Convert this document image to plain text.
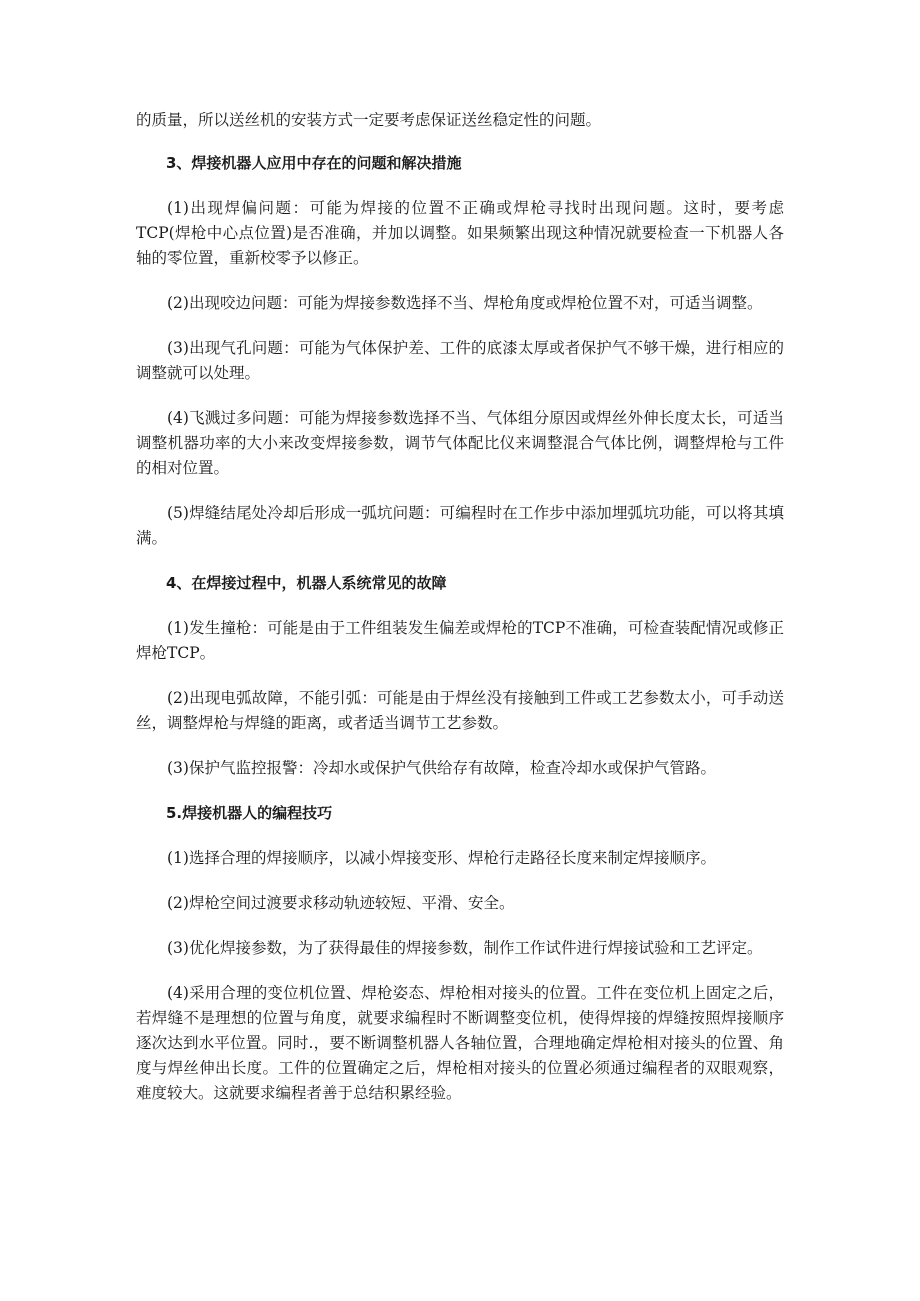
的质量，所以送丝机的安装方式一定要考虑保证送丝稳定性的问题。

3、焊接机器人应用中存在的问题和解决措施

(1)出现焊偏问题：可能为焊接的位置不正确或焊枪寻找时出现问题。这时，要考虑TCP(焊枪中心点位置)是否准确，并加以调整。如果频繁出现这种情况就要检查一下机器人各轴的零位置，重新校零予以修正。

(2)出现咬边问题：可能为焊接参数选择不当、焊枪角度或焊枪位置不对，可适当调整。

(3)出现气孔问题：可能为气体保护差、工件的底漆太厚或者保护气不够干燥，进行相应的调整就可以处理。

(4)飞溅过多问题：可能为焊接参数选择不当、气体组分原因或焊丝外伸长度太长，可适当调整机器功率的大小来改变焊接参数，调节气体配比仪来调整混合气体比例，调整焊枪与工件的相对位置。

(5)焊缝结尾处冷却后形成一弧坑问题：可编程时在工作步中添加埋弧坑功能，可以将其填满。

4、在焊接过程中，机器人系统常见的故障

(1)发生撞枪：可能是由于工件组装发生偏差或焊枪的TCP不准确，可检查装配情况或修正焊枪TCP。

(2)出现电弧故障，不能引弧：可能是由于焊丝没有接触到工件或工艺参数太小，可手动送丝，调整焊枪与焊缝的距离，或者适当调节工艺参数。

(3)保护气监控报警：冷却水或保护气供给存有故障，检查冷却水或保护气管路。

5.焊接机器人的编程技巧

(1)选择合理的焊接顺序，以减小焊接变形、焊枪行走路径长度来制定焊接顺序。

(2)焊枪空间过渡要求移动轨迹较短、平滑、安全。

(3)优化焊接参数，为了获得最佳的焊接参数，制作工作试件进行焊接试验和工艺评定。

(4)采用合理的变位机位置、焊枪姿态、焊枪相对接头的位置。工件在变位机上固定之后，若焊缝不是理想的位置与角度，就要求编程时不断调整变位机，使得焊接的焊缝按照焊接顺序逐次达到水平位置。同时.，要不断调整机器人各轴位置，合理地确定焊枪相对接头的位置、角度与焊丝伸出长度。工件的位置确定之后，焊枪相对接头的位置必须通过编程者的双眼观察，难度较大。这就要求编程者善于总结积累经验。
